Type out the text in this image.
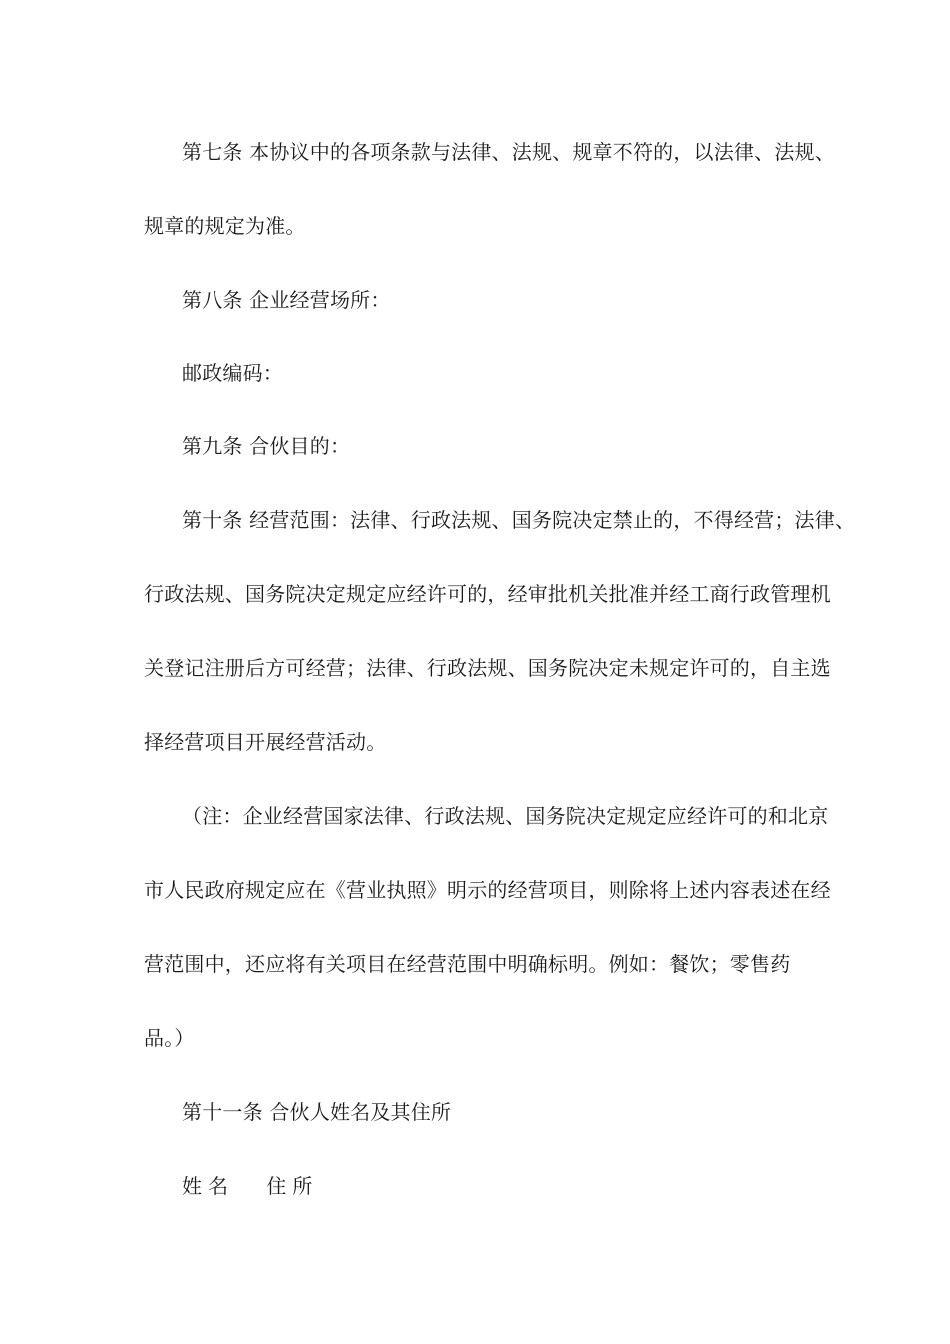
第七条 本协议中的各项条款与法律、法规、规章不符的，以法律、法规、
规章的规定为准。
第八条 企业经营场所：
邮政编码：
第九条 合伙目的：
第十条 经营范围：法律、行政法规、国务院决定禁止的，不得经营；法律、
行政法规、国务院决定规定应经许可的，经审批机关批准并经工商行政管理机
关登记注册后方可经营；法律、行政法规、国务院决定未规定许可的，自主选
择经营项目开展经营活动。
（注：企业经营国家法律、行政法规、国务院决定规定应经许可的和北京
市人民政府规定应在《营业执照》明示的经营项目，则除将上述内容表述在经
营范围中，还应将有关项目在经营范围中明确标明。例如：餐饮；零售药
品。）
第十一条 合伙人姓名及其住所
姓名 住所
